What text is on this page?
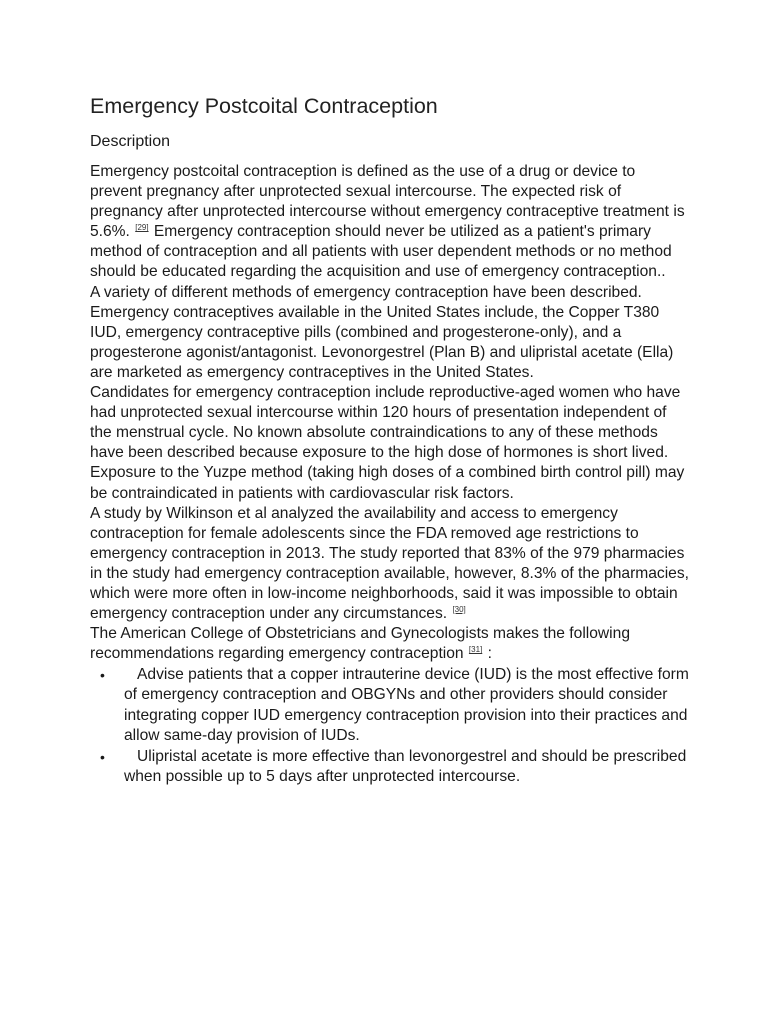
Emergency Postcoital Contraception
Description

Emergency postcoital contraception is defined as the use of a drug or device to prevent pregnancy after unprotected sexual intercourse. The expected risk of pregnancy after unprotected intercourse without emergency contraceptive treatment is 5.6%. [29] Emergency contraception should never be utilized as a patient's primary method of contraception and all patients with user dependent methods or no method should be educated regarding the acquisition and use of emergency contraception..

A variety of different methods of emergency contraception have been described. Emergency contraceptives available in the United States include, the Copper T380 IUD, emergency contraceptive pills (combined and progesterone-only), and a progesterone agonist/antagonist. Levonorgestrel (Plan B) and ulipristal acetate (Ella) are marketed as emergency contraceptives in the United States.

Candidates for emergency contraception include reproductive-aged women who have had unprotected sexual intercourse within 120 hours of presentation independent of the menstrual cycle. No known absolute contraindications to any of these methods have been described because exposure to the high dose of hormones is short lived. Exposure to the Yuzpe method (taking high doses of a combined birth control pill) may be contraindicated in patients with cardiovascular risk factors.

A study by Wilkinson et al analyzed the availability and access to emergency contraception for female adolescents since the FDA removed age restrictions to emergency contraception in 2013. The study reported that 83% of the 979 pharmacies in the study had emergency contraception available, however, 8.3% of the pharmacies, which were more often in low-income neighborhoods, said it was impossible to obtain emergency contraception under any circumstances. [30]

The American College of Obstetricians and Gynecologists makes the following recommendations regarding emergency contraception [31] :

• Advise patients that a copper intrauterine device (IUD) is the most effective form of emergency contraception and OBGYNs and other providers should consider integrating copper IUD emergency contraception provision into their practices and allow same-day provision of IUDs.
• Ulipristal acetate is more effective than levonorgestrel and should be prescribed when possible up to 5 days after unprotected intercourse.
